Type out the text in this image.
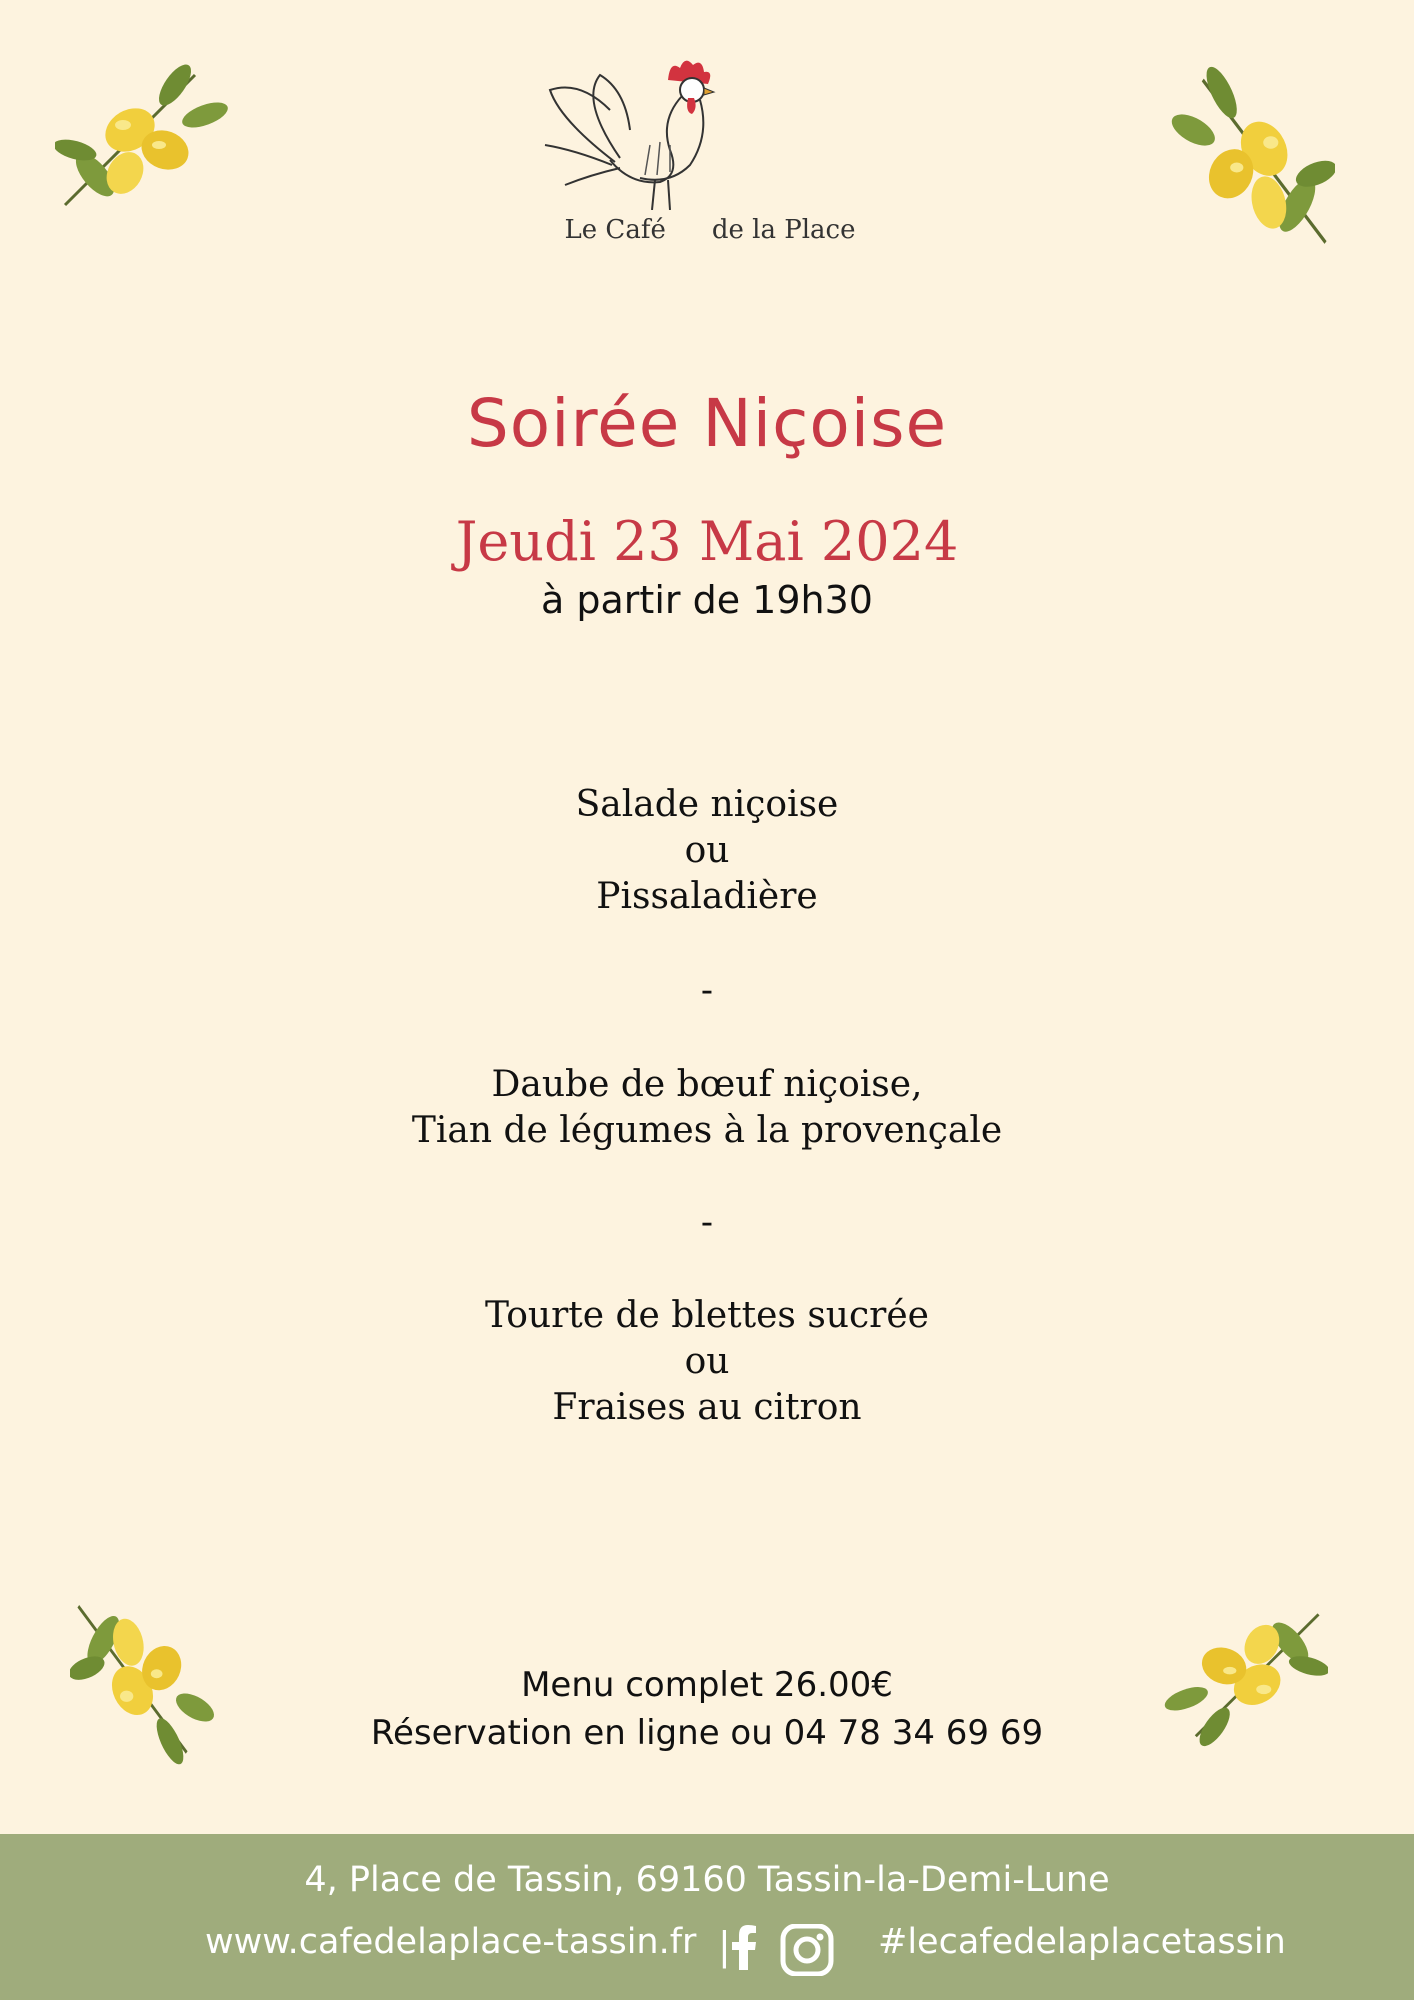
Le Café de la Place
Soirée Niçoise
Jeudi 23 Mai 2024
à partir de 19h30
Salade niçoise
ou
Pissaladière
-
Daube de bœuf niçoise,
Tian de légumes à la provençale
-
Tourte de blettes sucrée
ou
Fraises au citron
Menu complet 26.00€
Réservation en ligne ou 04 78 34 69 69
4, Place de Tassin, 69160 Tassin-la-Demi-Lune
www.cafedelaplace-tassin.fr |	#lecafedelaplacetassin
